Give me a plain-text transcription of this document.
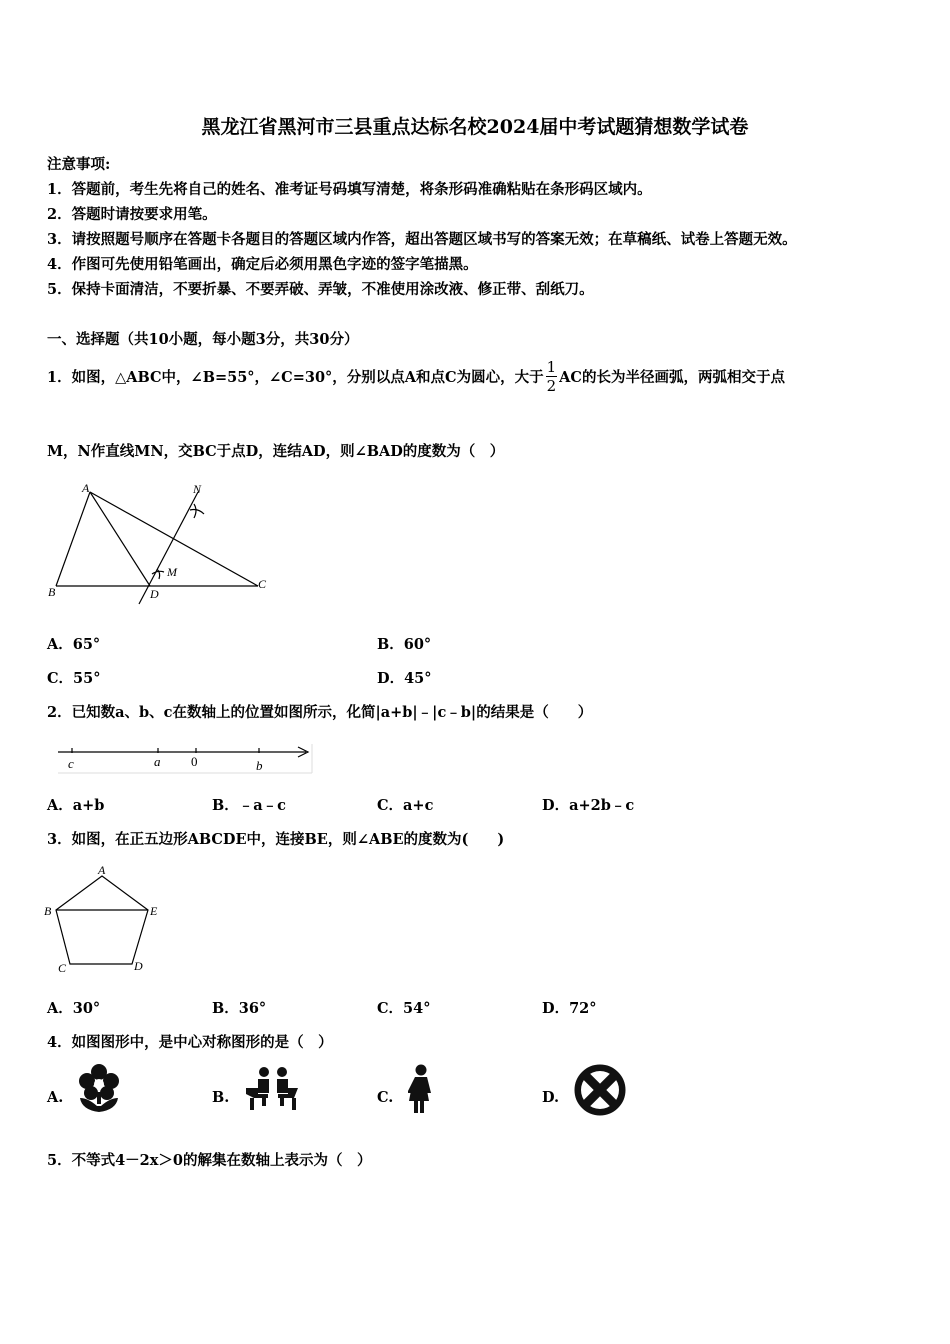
黑龙江省黑河市三县重点达标名校2024届中考试题猜想数学试卷
注意事项:
1．答题前，考生先将自己的姓名、准考证号码填写清楚，将条形码准确粘贴在条形码区域内。
2．答题时请按要求用笔。
3．请按照题号顺序在答题卡各题目的答题区域内作答，超出答题区域书写的答案无效；在草稿纸、试卷上答题无效。
4．作图可先使用铅笔画出，确定后必须用黑色字迹的签字笔描黑。
5．保持卡面清洁，不要折暴、不要弄破、弄皱，不准使用涂改液、修正带、刮纸刀。
一、选择题（共10小题，每小题3分，共30分）
1．如图，△ABC中，∠B=55°，∠C=30°，分别以点A和点C为圆心，大于 $\frac{1}{2}$ AC的长为半径画弧，两弧相交于点
M，N作直线MN，交BC于点D，连结AD，则∠BAD的度数为（　）
A
B
C
D
M
N
A．65°	B．60°
C．55°	D．45°
2．已知数a、b、c在数轴上的位置如图所示，化简|a+b|﹣|c﹣b|的结果是（　　）
c	a 0	b
A．a+b	B．﹣a﹣c	C．a+c	D．a+2b﹣c
3．如图，在正五边形ABCDE中，连接BE，则∠ABE的度数为(　　)
A
B
C	D
E
A．30°	B．36°	C．54°	D．72°
4．如图图形中，是中心对称图形的是（　）
A.	B.	C.	D.
5．不等式4－2x＞0的解集在数轴上表示为（　）
